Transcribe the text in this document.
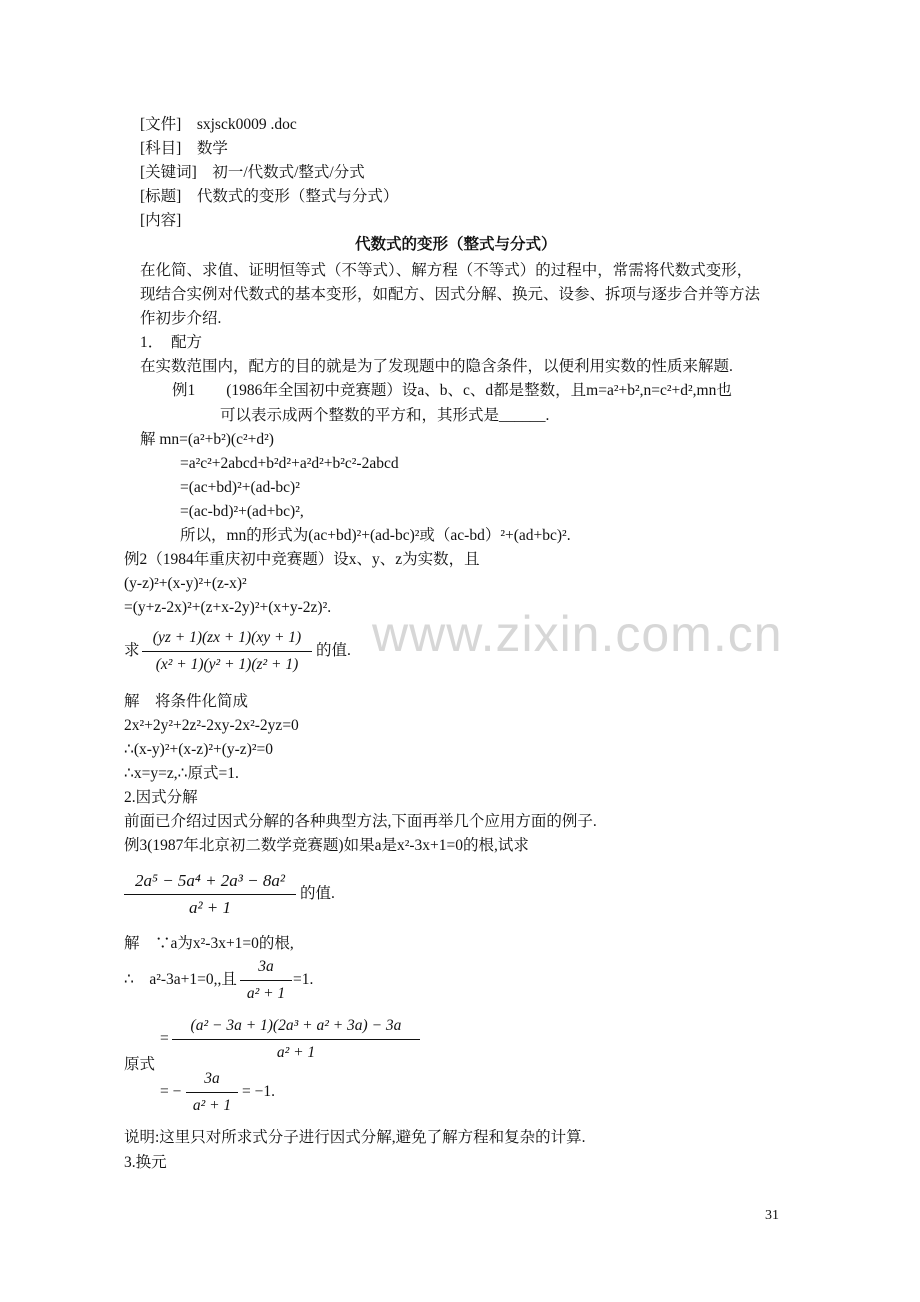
www.zixin.com.cn
[文件]　sxjsck0009 .doc
[科目]　数学
[关键词]　初一/代数式/整式/分式
[标题]　代数式的变形（整式与分式）
[内容]
代数式的变形（整式与分式）
在化简、求值、证明恒等式（不等式）、解方程（不等式）的过程中，常需将代数式变形，
现结合实例对代数式的基本变形，如配方、因式分解、换元、设参、拆项与逐步合并等方法
作初步介绍.
1．　配方
在实数范围内，配方的目的就是为了发现题中的隐含条件，以便利用实数的性质来解题.
例1　　(1986年全国初中竞赛题）设a、b、c、d都是整数，且m=a²+b²,n=c²+d²,mn也
可以表示成两个整数的平方和，其形式是______.
解 mn=(a²+b²)(c²+d²)
=a²c²+2abcd+b²d²+a²d²+b²c²-2abcd
=(ac+bd)²+(ad-bc)²
=(ac-bd)²+(ad+bc)²,
所以，mn的形式为(ac+bd)²+(ad-bc)²或（ac-bd）²+(ad+bc)².
例2（1984年重庆初中竞赛题）设x、y、z为实数，且
(y-z)²+(x-y)²+(z-x)²
=(y+z-2x)²+(z+x-2y)²+(x+y-2z)².
求 $\frac{(yz + 1)(zx + 1)(xy + 1)}{\text{(x² + 1)(y² + 1)(z² + 1)}}$ 的值.
解　将条件化简成
2x²+2y²+2z²-2xy-2x²-2yz=0
∴(x-y)²+(x-z)²+(y-z)²=0
∴x=y=z,∴原式=1.
2.因式分解
前面已介绍过因式分解的各种典型方法,下面再举几个应用方面的例子.
例3(1987年北京初二数学竞赛题)如果a是x²-3x+1=0的根,试求
$\frac{\text{2a⁵ − 5a⁴ + 2a³ − 8a²}}{\text{a² + 1}}$ 的值.
解　∵a为x²-3x+1=0的根,
∴　a²-3a+1=0,,且 $\frac{3a}{\text{a² + 1}} =1$.
= $\frac{\text{(a² − 3a + 1)(2a³ + a² + 3a) − 3a}}{\text{a² + 1}}$
原式
= − $\frac{3a}{\text{a² + 1}} = -1$.
说明:这里只对所求式分子进行因式分解,避免了解方程和复杂的计算.
3.换元
31
